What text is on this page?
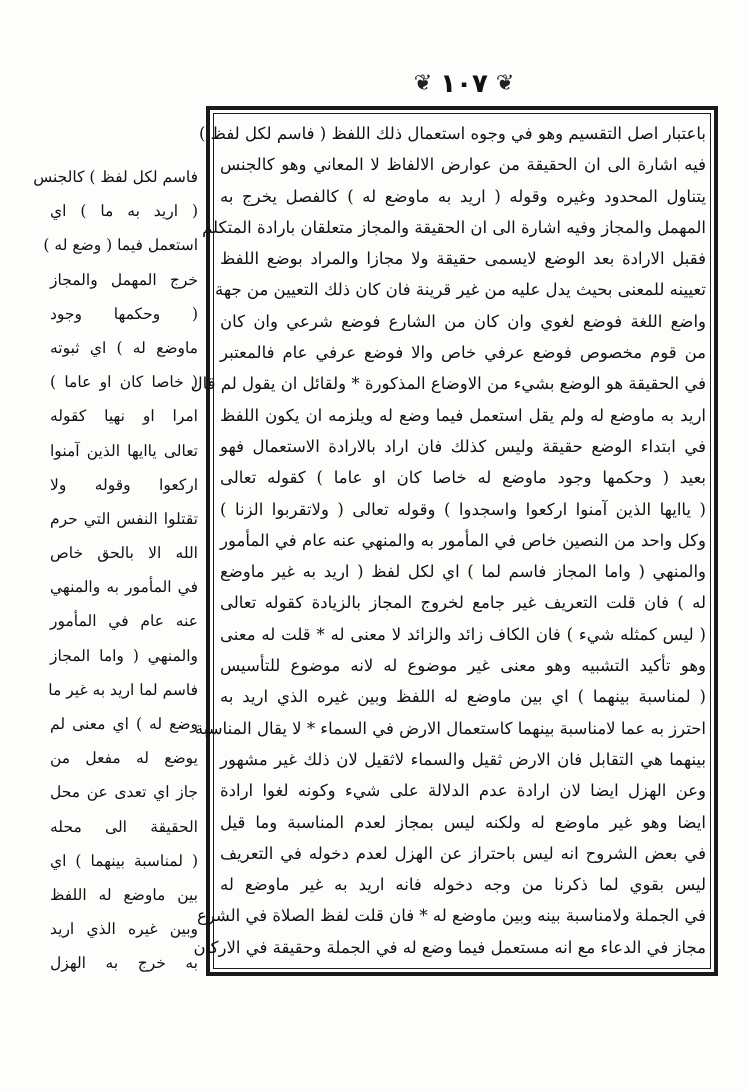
❦
١٠٧
❦
باعتبار اصل التقسيم وهو في وجوه استعمال ذلك اللفظ ( فاسم لكل لفظ )
فيه اشارة الى ان الحقيقة من عوارض الالفاظ لا المعاني وهو كالجنس
يتناول المحدود وغيره وقوله ( اريد به ماوضع له ) كالفصل يخرج به
المهمل والمجاز وفيه اشارة الى ان الحقيقة والمجاز متعلقان بارادة المتكلم
فقبل الارادة بعد الوضع لايسمى حقيقة ولا مجازا والمراد بوضع اللفظ
تعيينه للمعنى بحيث يدل عليه من غير قرينة فان كان ذلك التعيين من جهة
واضع اللغة فوضع لغوي وان كان من الشارع فوضع شرعي وان كان
من قوم مخصوص فوضع عرفي خاص والا فوضع عرفي عام فالمعتبر
في الحقيقة هو الوضع بشيء من الاوضاع المذكورة * ولقائل ان يقول لم قال
اريد به ماوضع له ولم يقل استعمل فيما وضع له ويلزمه ان يكون اللفظ
في ابتداء الوضع حقيقة وليس كذلك فان اراد بالارادة الاستعمال فهو
بعيد ( وحكمها وجود ماوضع له خاصا كان او عاما ) كقوله تعالى
( ياايها الذين آمنوا اركعوا واسجدوا ) وقوله تعالى ( ولاتقربوا الزنا )
وكل واحد من النصين خاص في المأمور به والمنهي عنه عام في المأمور
والمنهي ( واما المجاز فاسم لما ) اي لكل لفظ ( اريد به غير ماوضع
له ) فان قلت التعريف غير جامع لخروج المجاز بالزيادة كقوله تعالى
( ليس كمثله شيء ) فان الكاف زائد والزائد لا معنى له * قلت له معنى
وهو تأكيد التشبيه وهو معنى غير موضوع له لانه موضوع للتأسيس
( لمناسبة بينهما ) اي بين ماوضع له اللفظ وبين غيره الذي اريد به
احترز به عما لامناسبة بينهما كاستعمال الارض في السماء * لا يقال المناسبة
بينهما هي التقابل فان الارض ثقيل والسماء لاثقيل لان ذلك غير مشهور
وعن الهزل ايضا لان ارادة عدم الدلالة على شيء وكونه لغوا ارادة
ايضا وهو غير ماوضع له ولكنه ليس بمجاز لعدم المناسبة وما قيل
في بعض الشروح انه ليس باحتراز عن الهزل لعدم دخوله في التعريف
ليس بقوي لما ذكرنا من وجه دخوله فانه اريد به غير ماوضع له
في الجملة ولامناسبة بينه وبين ماوضع له * فان قلت لفظ الصلاة في الشرع
مجاز في الدعاء مع انه مستعمل فيما وضع له في الجملة وحقيقة في الاركان
فاسم لكل لفظ ) كالجنس
( اريد به ما ) اي
استعمل فيما ( وضع له )
خرج المهمل والمجاز
( وحكمها وجود
ماوضع له ) اي ثبوته
( خاصا كان او عاما )
امرا او نهيا كقوله
تعالى ياايها الذين آمنوا
اركعوا وقوله ولا
تقتلوا النفس التي حرم
الله الا بالحق خاص
في المأمور به والمنهي
عنه عام في المأمور
والمنهي ( واما المجاز
فاسم لما اريد به غير ما
وضع له ) اي معنى لم
يوضع له مفعل من
جاز اي تعدى عن محل
الحقيقة الى محله
( لمناسبة بينهما ) اي
بين ماوضع له اللفظ
وبين غيره الذي اريد
به خرج به الهزل
